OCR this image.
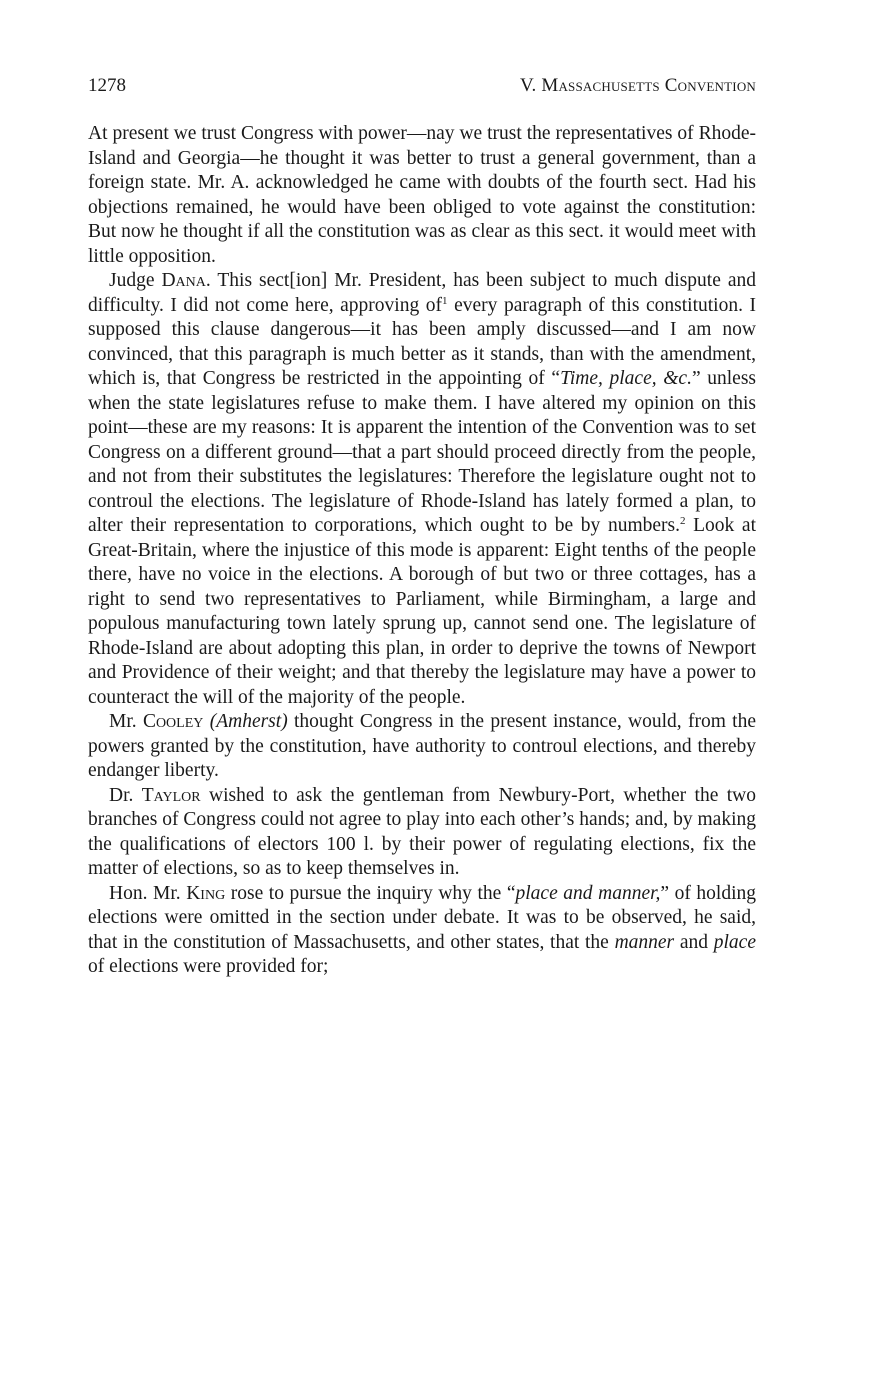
1278	V. Massachusetts Convention

At present we trust Congress with power—nay we trust the representatives of Rhode-Island and Georgia—he thought it was better to trust a general government, than a foreign state. Mr. A. acknowledged he came with doubts of the fourth sect. Had his objections remained, he would have been obliged to vote against the constitution: But now he thought if all the constitution was as clear as this sect. it would meet with little opposition.

Judge Dana. This sect[ion] Mr. President, has been subject to much dispute and difficulty. I did not come here, approving $of^1$ every paragraph of this constitution. I supposed this clause dangerous—it has been amply discussed—and I am now convinced, that this paragraph is much better as it stands, than with the amendment, which is, that Congress be restricted in the appointing of “Time, place, &c.” unless when the state legislatures refuse to make them. I have altered my opinion on this point—these are my reasons: It is apparent the intention of the Convention was to set Congress on a different ground—that a part should proceed directly from the people, and not from their substitutes the legislatures: Therefore the legislature ought not to controul the elections. The legislature of Rhode-Island has lately formed a plan, to alter their representation to corporations, which ought to be by numbers.$^2$ Look at Great-Britain, where the injustice of this mode is apparent: Eight tenths of the people there, have no voice in the elections. A borough of but two or three cottages, has a right to send two representatives to Parliament, while Birmingham, a large and populous manufacturing town lately sprung up, cannot send one. The legislature of Rhode-Island are about adopting this plan, in order to deprive the towns of Newport and Providence of their weight; and that thereby the legislature may have a power to counteract the will of the majority of the people.

Mr. Cooley (Amherst) thought Congress in the present instance, would, from the powers granted by the constitution, have authority to controul elections, and thereby endanger liberty.

Dr. Taylor wished to ask the gentleman from Newbury-Port, whether the two branches of Congress could not agree to play into each other’s hands; and, by making the qualifications of electors 100 l. by their power of regulating elections, fix the matter of elections, so as to keep themselves in.

Hon. Mr. King rose to pursue the inquiry why the “place and manner,” of holding elections were omitted in the section under debate. It was to be observed, he said, that in the constitution of Massachusetts, and other states, that the manner and place of elections were provided for;
